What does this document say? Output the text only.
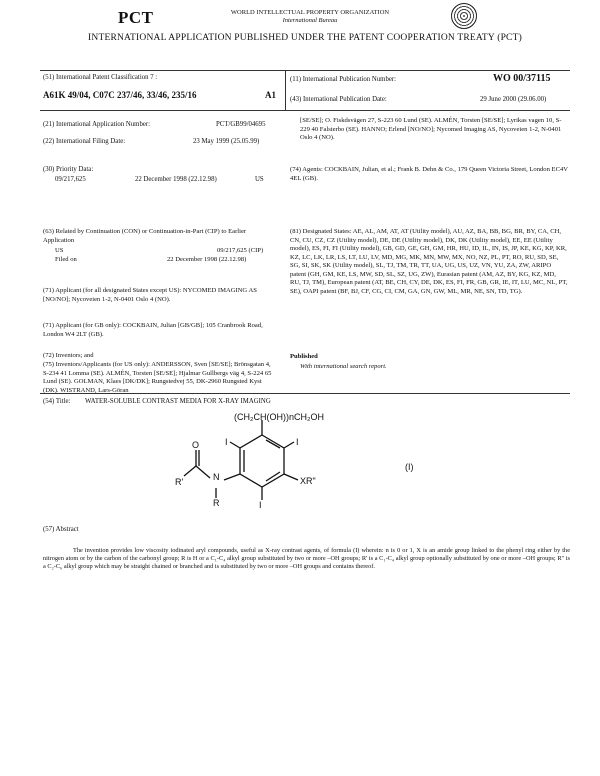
PCT	WORLD INTELLECTUAL PROPERTY ORGANIZATION
International Bureau
INTERNATIONAL APPLICATION PUBLISHED UNDER THE PATENT COOPERATION TREATY (PCT)
(51) International Patent Classification 7 :
A61K 49/04, C07C 237/46, 33/46, 235/16	A1
(11) International Publication Number:	WO 00/37115
(43) International Publication Date:	29 June 2000 (29.06.00)
(21) International Application Number:	PCT/GB99/04695
(22) International Filing Date:	23 May 1999 (25.05.99)
(30) Priority Data:
09/217,625	22 December 1998 (22.12.98)	US
(63) Related by Continuation (CON) or Continuation-in-Part (CIP) to Earlier Application
US	09/217,625 (CIP)
Filed on	22 December 1998 (22.12.98)
(71) Applicant (for all designated States except US): NYCOMED IMAGING AS [NO/NO]; Nycoveien 1-2, N-0401 Oslo 4 (NO).
(71) Applicant (for GB only): COCKBAIN, Julian [GB/GB]; 105 Cranbrook Road, London W4 2LT (GB).
(72) Inventors; and
(75) Inventors/Applicants (for US only): ANDERSSON, Sven [SE/SE]; Brönsgatan 4, S-234 41 Lomma (SE). ALMÉN, Torsten [SE/SE]; Hjalmar Gullbergs väg 4, S-224 65 Lund (SE). GOLMAN, Klaes [DK/DK]; Rungstedvej 55, DK-2960 Rungsted Kyst (DK). WISTRAND, Lars-Göran
[SE/SE]; O. Fiskdsvägen 27, S-223 60 Lund (SE). ALMÉN, Torsten [SE/SE]; Lyrikas vagen 10, S-229 40 Falsterbo (SE). HANNO; Erlend [NO/NO]; Nycomed Imaging AS, Nycoveien 1-2, N-0401 Oslo 4 (NO).
(74) Agents: COCKBAIN, Julian, et al.; Frank B. Dehn & Co., 179 Queen Victoria Street, London EC4V 4EL (GB).
(81) Designated States: AE, AL, AM, AT, AT (Utility model), AU, AZ, BA, BB, BG, BR, BY, CA, CH, CN, CU, CZ, CZ (Utility model), DE, DE (Utility model), DK, DK (Utility model), EE, EE (Utility model), ES, FI, FI (Utility model), GB, GD, GE, GH, GM, HR, HU, ID, IL, IN, IS, JP, KE, KG, KP, KR, KZ, LC, LK, LR, LS, LT, LU, LV, MD, MG, MK, MN, MW, MX, NO, NZ, PL, PT, RO, RU, SD, SE, SG, SI, SK, SK (Utility model), SL, TJ, TM, TR, TT, UA, UG, US, UZ, VN, YU, ZA, ZW, ARIPO patent (GH, GM, KE, LS, MW, SD, SL, SZ, UG, ZW), Eurasian patent (AM, AZ, BY, KG, KZ, MD, RU, TJ, TM), European patent (AT, BE, CH, CY, DE, DK, ES, FI, FR, GB, GR, IE, IT, LU, MC, NL, PT, SE), OAPI patent (BF, BJ, CF, CG, CI, CM, GA, GN, GW, ML, MR, NE, SN, TD, TG).
Published
With international search report.
(54) Title: WATER-SOLUBLE CONTRAST MEDIA FOR X-RAY IMAGING
(CH₂CH(OH))nCH₂OH
I	I
I
O
N
R'
R
XR"
(I)
(57) Abstract
The invention provides low viscosity iodinated aryl compounds, useful as X-ray contrast agents, of formula (I) wherein: n is 0 or 1, X is an amide group linked to the phenyl ring either by the nitrogen atom or by the carbon of the carbonyl group; R is H or a C₁-C₄ alkyl group substituted by two or more –OH groups; R' is a C₁-C₄ alkyl group optionally substituted by one or more –OH groups; R" is a C₂-C₆ alkyl group which may be straight chained or branched and is substituted by two or more –OH groups and contains thereof.
